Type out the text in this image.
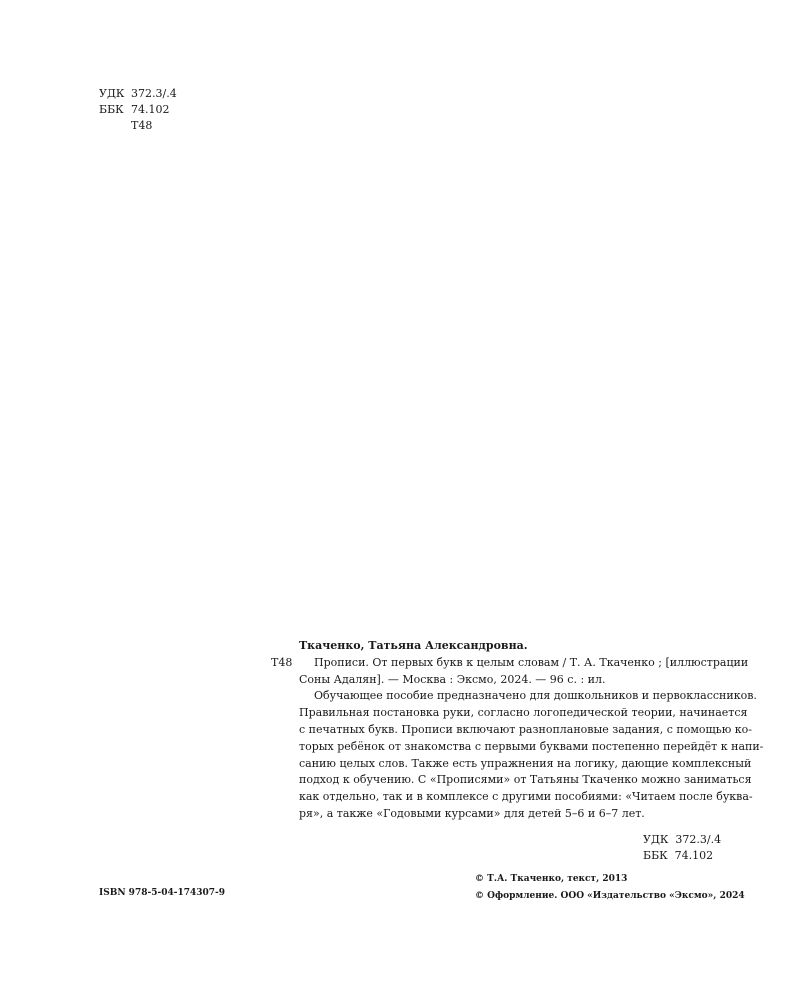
УДК 372.3/.4
ББК 74.102
Т48
Ткаченко, Татьяна Александровна.
Т48	Прописи. От первых букв к целым словам / Т. А. Ткаченко ; [иллюстрации
Соны Адалян]. — Москва : Эксмо, 2024. — 96 с. : ил.
Обучающее пособие предназначено для дошкольников и первоклассников.
Правильная постановка руки, согласно логопедической теории, начинается
с печатных букв. Прописи включают разноплановые задания, с помощью ко-
торых ребёнок от знакомства с первыми буквами постепенно перейдёт к напи-
санию целых слов. Также есть упражнения на логику, дающие комплексный
подход к обучению. С «Прописями» от Татьяны Ткаченко можно заниматься
как отдельно, так и в комплексе с другими пособиями: «Читаем после буква-
ря», а также «Годовыми курсами» для детей 5–6 и 6–7 лет.
УДК  372.3/.4
ББК  74.102
ISBN 978-5-04-174307-9
© Т.А. Ткаченко, текст, 2013
© Оформление. ООО «Издательство «Эксмо», 2024
